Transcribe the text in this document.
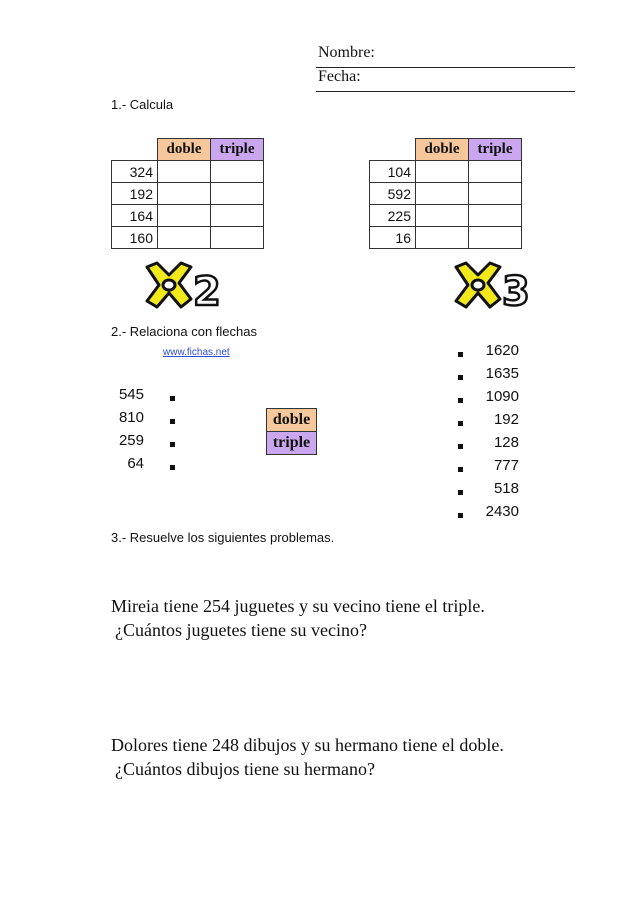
Nombre:
Fecha:
1.- Calcula
	doble	triple
324		
192		
164		
160		
	doble	triple
104		
592		
225		
16		
2	3
2.- Relaciona con flechas
www.fichas.net
545
810
259
64
doble
triple
1620
1635
1090
192
128
777
518
2430
3.- Resuelve los siguientes problemas.
Mireia tiene 254 juguetes y su vecino tiene el triple.
¿Cuántos juguetes tiene su vecino?
Dolores tiene 248 dibujos y su hermano tiene el doble.
¿Cuántos dibujos tiene su hermano?
